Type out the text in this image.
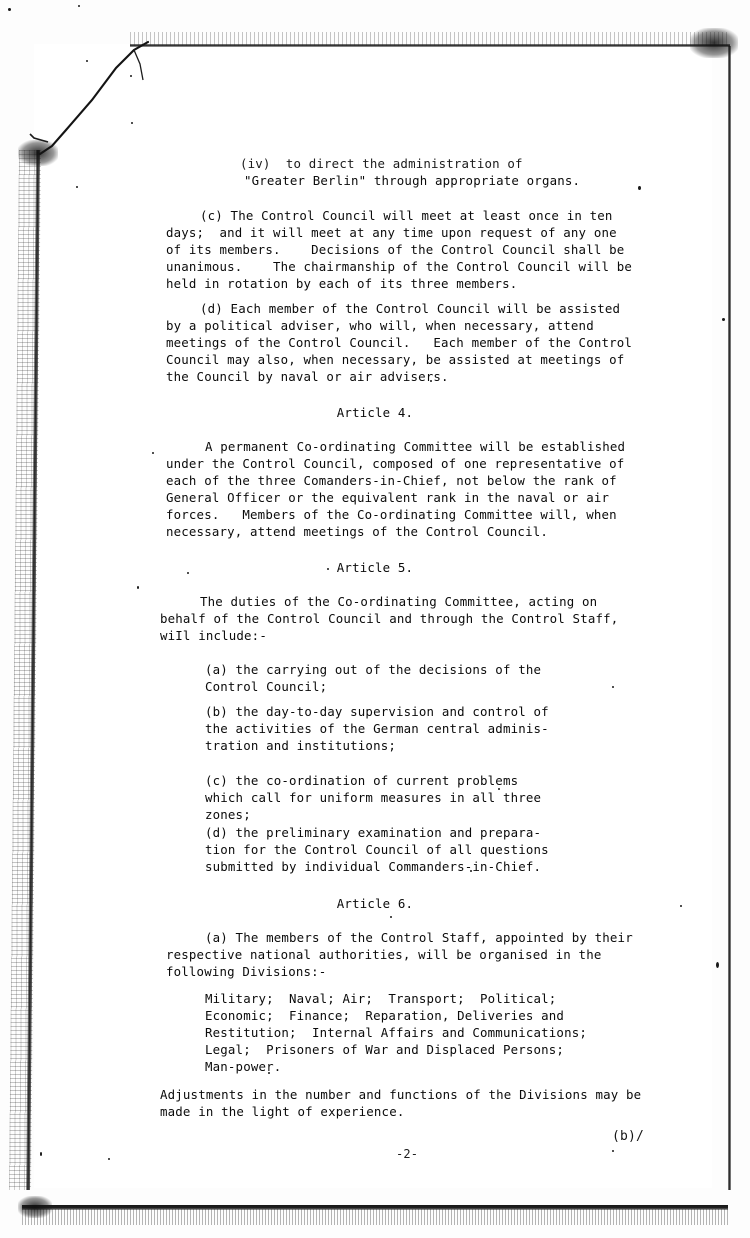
(iv)  to direct the administration of
"Greater Berlin" through appropriate organs.
(c) The Control Council will meet at least once in ten
days;  and it will meet at any time upon request of any one
of its members.    Decisions of the Control Council shall be
unanimous.    The chairmanship of the Control Council will be
held in rotation by each of its three members.
(d) Each member of the Control Council will be assisted
by a political adviser, who will, when necessary, attend
meetings of the Control Council.   Each member of the Control
Council may also, when necessary, be assisted at meetings of
the Council by naval or air advisers.
Article 4.
A permanent Co-ordinating Committee will be established
under the Control Council, composed of one representative of
each of the three Comanders-in-Chief, not below the rank of
General Officer or the equivalent rank in the naval or air
forces.   Members of the Co-ordinating Committee will, when
necessary, attend meetings of the Control Council.
Article 5.
The duties of the Co-ordinating Committee, acting on
behalf of the Control Council and through the Control Staff,
wiIl include:-
(a) the carrying out of the decisions of the
Control Council;
(b) the day-to-day supervision and control of
the activities of the German central adminis-
tration and institutions;
(c) the co-ordination of current problems
which call for uniform measures in all three
zones;
(d) the preliminary examination and prepara-
tion for the Control Council of all questions
submitted by individual Commanders-in-Chief.
Article 6.
(a) The members of the Control Staff, appointed by their
respective national authorities, will be organised in the
following Divisions:-
Military;  Naval; Air;  Transport;  Political;
Economic;  Finance;  Reparation, Deliveries and
Restitution;  Internal Affairs and Communications;
Legal;  Prisoners of War and Displaced Persons;
Man-power.
Adjustments in the number and functions of the Divisions may be
made in the light of experience.
(b)/
-2-
